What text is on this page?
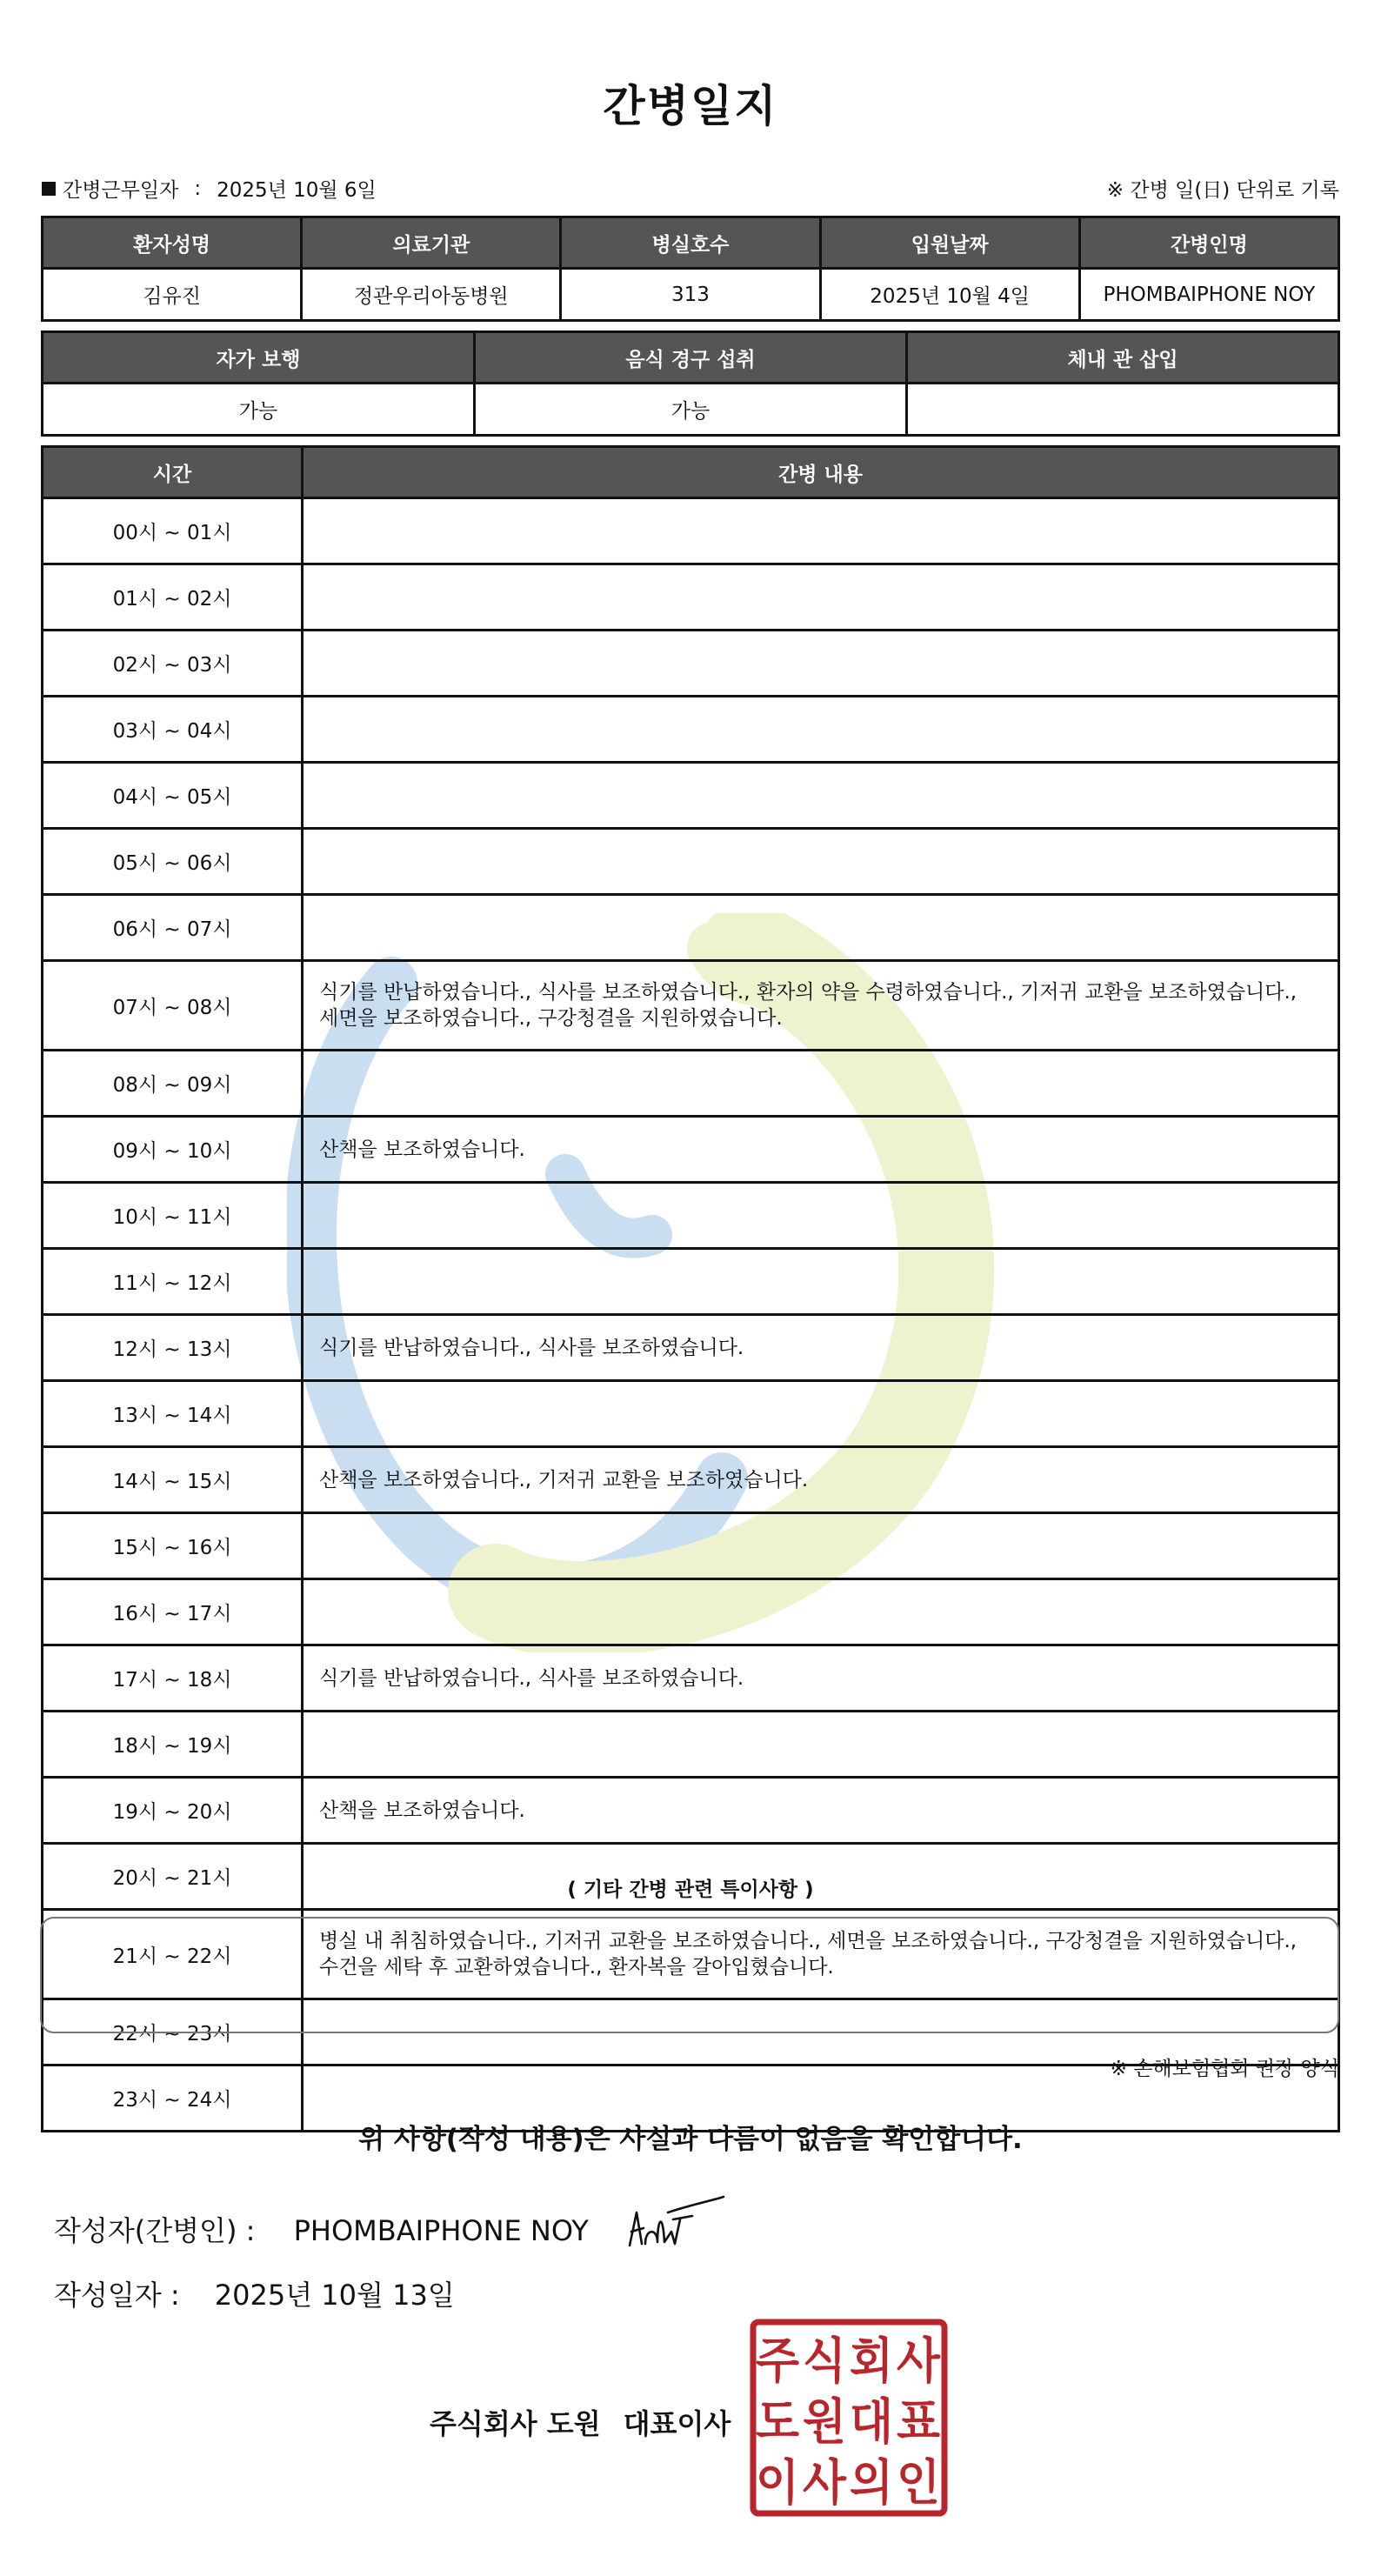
간병일지
간병근무일자 : 2025년 10월 6일	※ 간병 일(日) 단위로 기록
환자성명	의료기관	병실호수	입원날짜	간병인명
김유진	정관우리아동병원	313	2025년 10월 4일	PHOMBAIPHONE NOY
자가 보행	음식 경구 섭취	체내 관 삽입
가능	가능	
시간	간병 내용
00시 ~ 01시	
01시 ~ 02시	
02시 ~ 03시	
03시 ~ 04시	
04시 ~ 05시	
05시 ~ 06시	
06시 ~ 07시	
07시 ~ 08시	식기를 반납하였습니다., 식사를 보조하였습니다., 환자의 약을 수령하였습니다., 기저귀 교환을 보조하였습니다., 세면을 보조하였습니다., 구강청결을 지원하였습니다.
08시 ~ 09시	
09시 ~ 10시	산책을 보조하였습니다.
10시 ~ 11시	
11시 ~ 12시	
12시 ~ 13시	식기를 반납하였습니다., 식사를 보조하였습니다.
13시 ~ 14시	
14시 ~ 15시	산책을 보조하였습니다., 기저귀 교환을 보조하였습니다.
15시 ~ 16시	
16시 ~ 17시	
17시 ~ 18시	식기를 반납하였습니다., 식사를 보조하였습니다.
18시 ~ 19시	
19시 ~ 20시	산책을 보조하였습니다.
20시 ~ 21시	
21시 ~ 22시	병실 내 취침하였습니다., 기저귀 교환을 보조하였습니다., 세면을 보조하였습니다., 구강청결을 지원하였습니다., 수건을 세탁 후 교환하였습니다., 환자복을 갈아입혔습니다.
22시 ~ 23시	
23시 ~ 24시	
( 기타 간병 관련 특이사항 )
※ 손해보험협회 권장 양식
위 사항(작성 내용)은 사실과 다름이 없음을 확인합니다.
작성자(간병인) : PHOMBAIPHONE NOY
작성일자 : 2025년 10월 13일
주식회사 도원 대표이사
주 식 회 사
도 원 대 표
이 사 의 인
